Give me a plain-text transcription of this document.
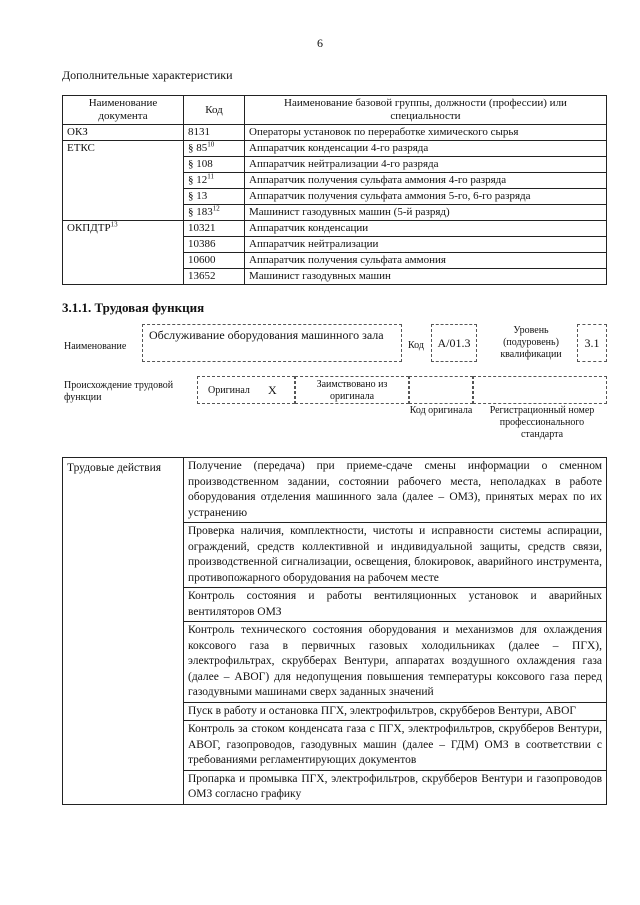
6
Дополнительные характеристики
Наименование документа	Код	Наименование базовой группы, должности (профессии) или специальности
ОКЗ	8131	Операторы установок по переработке химического сырья
ЕТКС	§ $85^{10}$	Аппаратчик конденсации 4-го разряда
	§ 108	Аппаратчик нейтрализации 4-го разряда
	§ $12^{11}$	Аппаратчик получения сульфата аммония 4-го разряда
	§ 13	Аппаратчик получения сульфата аммония 5-го, 6-го разряда
	§ $183^{12}$	Машинист газодувных машин (5-й разряд)
ОКПДТР$^{13}$	10321	Аппаратчик конденсации
	10386	Аппаратчик нейтрализации
	10600	Аппаратчик получения сульфата аммония
	13652	Машинист газодувных машин
3.1.1. Трудовая функция
Наименование
Обслуживание оборудования машинного зала
Код	A/01.3
Уровень (подуровень) квалификации
3.1
Происхождение трудовой функции
Оригинал X	Заимствовано из оригинала
Код оригинала	Регистрационный номер профессионального стандарта
Трудовые действия	Получение (передача) при приеме-сдаче смены информации о сменном производственном задании, состоянии рабочего места, неполадках в работе оборудования отделения машинного зала (далее – ОМЗ), принятых мерах по их устранению
Проверка наличия, комплектности, чистоты и исправности системы аспирации, ограждений, средств коллективной и индивидуальной защиты, средств связи, производственной сигнализации, освещения, блокировок, аварийного инструмента, противопожарного оборудования на рабочем месте
Контроль состояния и работы вентиляционных установок и аварийных вентиляторов ОМЗ
Контроль технического состояния оборудования и механизмов для охлаждения коксового газа в первичных газовых холодильниках (далее – ПГХ), электрофильтрах, скрубберах Вентури, аппаратах воздушного охлаждения газа (далее – АВОГ) для недопущения повышения температуры коксового газа перед газодувными машинами сверх заданных значений
Пуск в работу и остановка ПГХ, электрофильтров, скрубберов Вентури, АВОГ
Контроль за стоком конденсата газа с ПГХ, электрофильтров, скрубберов Вентури, АВОГ, газопроводов, газодувных машин (далее – ГДМ) ОМЗ в соответствии с требованиями регламентирующих документов
Пропарка и промывка ПГХ, электрофильтров, скрубберов Вентури и газопроводов ОМЗ согласно графику
